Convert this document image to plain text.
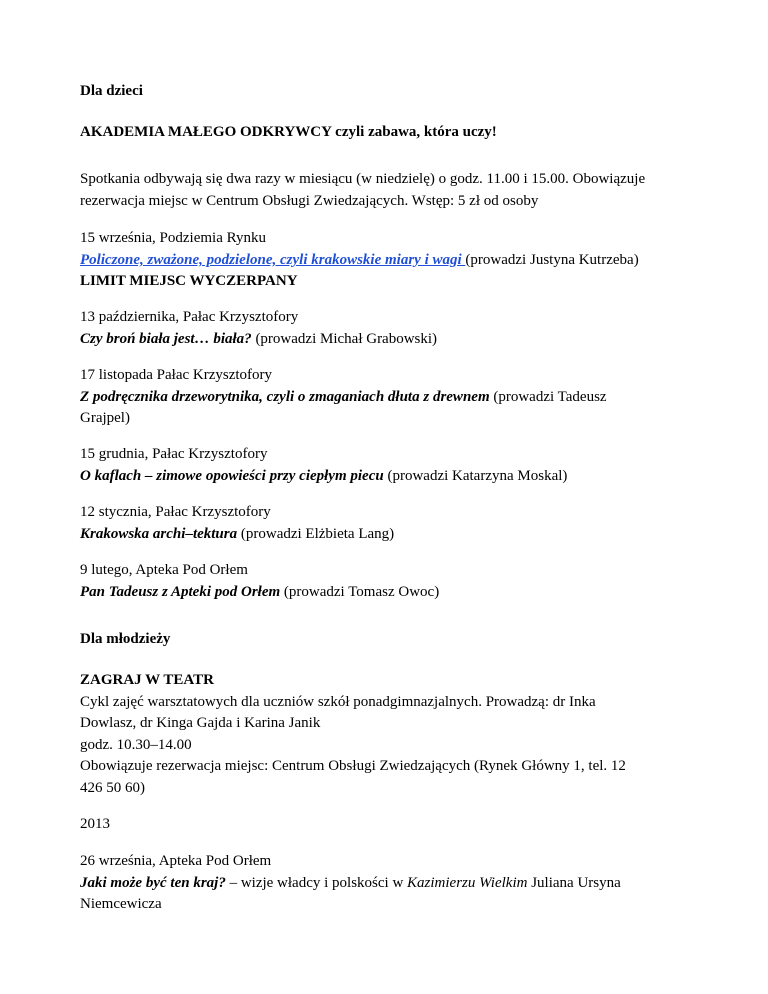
Dla dzieci
AKADEMIA MAŁEGO ODKRYWCY czyli zabawa, która uczy!
Spotkania odbywają się dwa razy w miesiącu (w niedzielę) o godz. 11.00 i 15.00. Obowiązuje
rezerwacja miejsc w Centrum Obsługi Zwiedzających. Wstęp: 5 zł od osoby
15 września, Podziemia Rynku
Policzone, zważone, podzielone, czyli krakowskie miary i wagi (prowadzi Justyna Kutrzeba)
LIMIT MIEJSC WYCZERPANY
13 października, Pałac Krzysztofory
Czy broń biała jest… biała? (prowadzi Michał Grabowski)
17 listopada Pałac Krzysztofory
Z podręcznika drzeworytnika, czyli o zmaganiach dłuta z drewnem (prowadzi Tadeusz
Grajpel)
15 grudnia, Pałac Krzysztofory
O kaflach – zimowe opowieści przy ciepłym piecu (prowadzi Katarzyna Moskal)
12 stycznia, Pałac Krzysztofory
Krakowska archi–tektura (prowadzi Elżbieta Lang)
9 lutego, Apteka Pod Orłem
Pan Tadeusz z Apteki pod Orłem (prowadzi Tomasz Owoc)
Dla młodzieży
ZAGRAJ W TEATR
Cykl zajęć warsztatowych dla uczniów szkół ponadgimnazjalnych. Prowadzą: dr Inka
Dowlasz, dr Kinga Gajda i Karina Janik
godz. 10.30–14.00
Obowiązuje rezerwacja miejsc: Centrum Obsługi Zwiedzających (Rynek Główny 1, tel. 12
426 50 60)
2013
26 września, Apteka Pod Orłem
Jaki może być ten kraj? – wizje władcy i polskości w Kazimierzu Wielkim Juliana Ursyna
Niemcewicza
